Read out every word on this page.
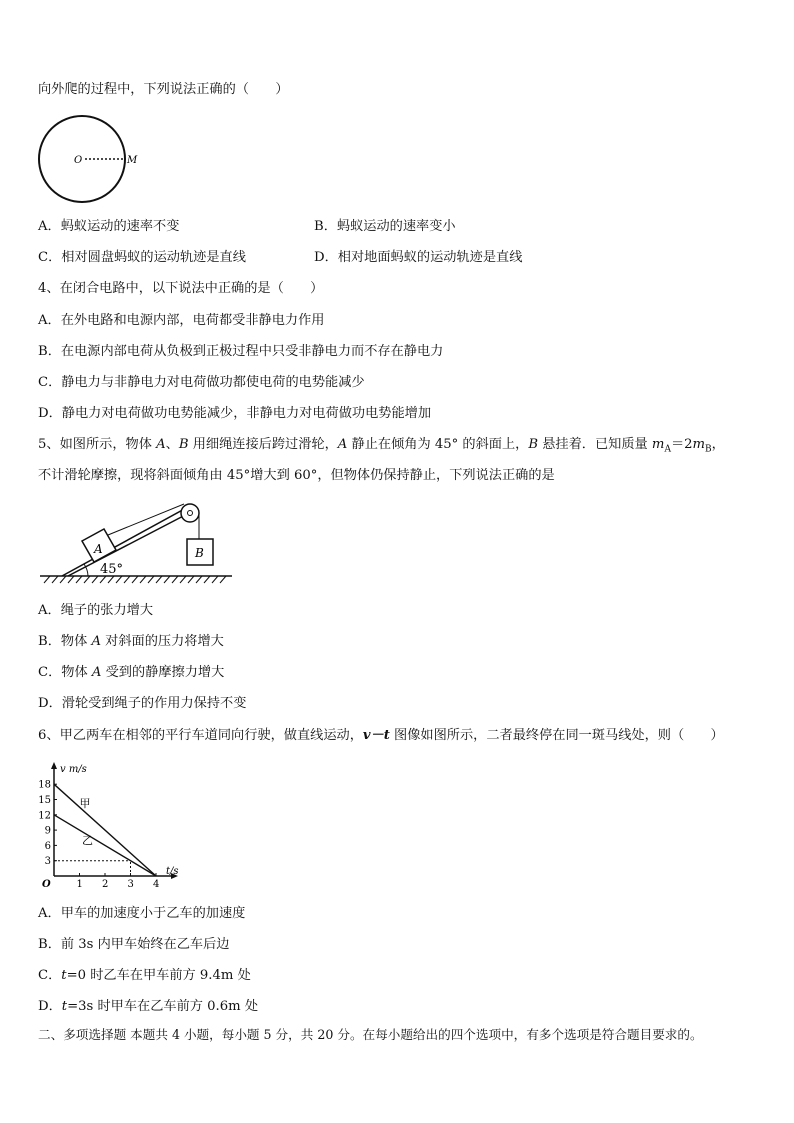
向外爬的过程中，下列说法正确的（　　）
O	M
A．蚂蚁运动的速率不变	B．蚂蚁运动的速率变小
C．相对圆盘蚂蚁的运动轨迹是直线	D．相对地面蚂蚁的运动轨迹是直线
4、在闭合电路中，以下说法中正确的是（　　）
A．在外电路和电源内部，电荷都受非静电力作用
B．在电源内部电荷从负极到正极过程中只受非静电力而不存在静电力
C．静电力与非静电力对电荷做功都使电荷的电势能减少
D．静电力对电荷做功电势能减少，非静电力对电荷做功电势能增加
5、如图所示，物体 A、B 用细绳连接后跨过滑轮，A 静止在倾角为 45° 的斜面上，B 悬挂着．已知质量 $m_A=2m_B$，
不计滑轮摩擦，现将斜面倾角由 45°增大到 60°，但物体仍保持静止，下列说法正确的是
A	B
45°
A．绳子的张力增大
B．物体 A 对斜面的压力将增大
C．物体 A 受到的静摩擦力增大
D．滑轮受到绳子的作用力保持不变
6、甲乙两车在相邻的平行车道同向行驶，做直线运动，v－t 图像如图所示，二者最终停在同一斑马线处，则（　　）
v m/s
t/s
O	1 2 3 4
3
6
9
12
15
18
甲
乙
A．甲车的加速度小于乙车的加速度
B．前 3s 内甲车始终在乙车后边
C．t=0 时乙车在甲车前方 9.4m 处
D．t=3s 时甲车在乙车前方 0.6m 处
二、多项选择题 本题共 4 小题，每小题 5 分，共 20 分。在每小题给出的四个选项中，有多个选项是符合题目要求的。
